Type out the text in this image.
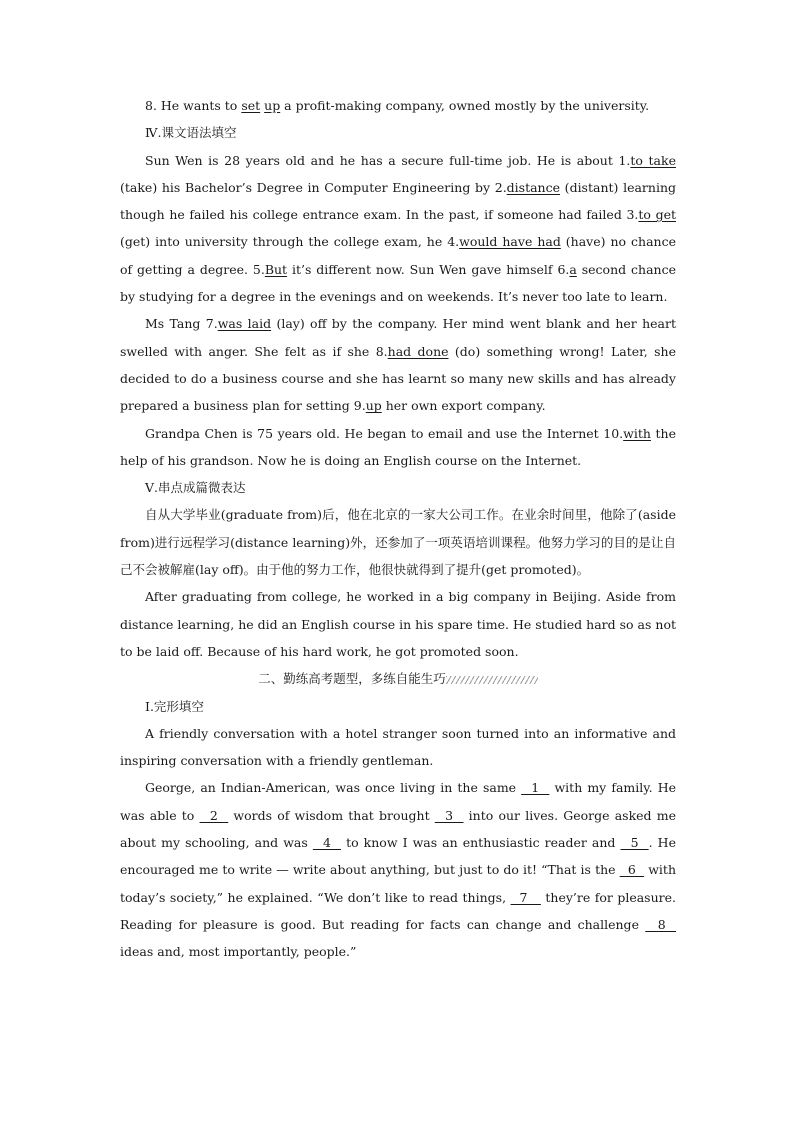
8. He wants to set up a profit-making company, owned mostly by the university.

Ⅳ.课文语法填空

Sun Wen is 28 years old and he has a secure full-time job. He is about 1.to take (take) his Bachelor’s Degree in Computer Engineering by 2.distance (distant) learning though he failed his college entrance exam. In the past, if someone had failed 3.to get (get) into university through the college exam, he 4.would have had (have) no chance of getting a degree. 5.But it’s different now. Sun Wen gave himself 6.a second chance by studying for a degree in the evenings and on weekends. It’s never too late to learn.

Ms Tang 7.was laid (lay) off by the company. Her mind went blank and her heart swelled with anger. She felt as if she 8.had done (do) something wrong! Later, she decided to do a business course and she has learnt so many new skills and has already prepared a business plan for setting 9.up her own export company.

Grandpa Chen is 75 years old. He began to email and use the Internet 10.with the help of his grandson. Now he is doing an English course on the Internet.

Ⅴ.串点成篇微表达

自从大学毕业(graduate from)后，他在北京的一家大公司工作。在业余时间里，他除了(aside from)进行远程学习(distance learning)外，还参加了一项英语培训课程。他努力学习的目的是让自己不会被解雇(lay off)。由于他的努力工作，他很快就得到了提升(get promoted)。

After graduating from college, he worked in a big company in Beijing. Aside from distance learning, he did an English course in his spare time. He studied hard so as not to be laid off. Because of his hard work, he got promoted soon.

二、勤练高考题型，多练自能生巧

Ⅰ.完形填空

A friendly conversation with a hotel stranger soon turned into an informative and inspiring conversation with a friendly gentleman.

George, an Indian-American, was once living in the same   1   with my family. He was able to   2   words of wisdom that brought   3   into our lives. George asked me about my schooling, and was   4   to know I was an enthusiastic reader and   5  . He encouraged me to write — write about anything, but just to do it! “That is the   6   with today’s society,” he explained. “We don’t like to read things,   7    they’re for pleasure. Reading for pleasure is good. But reading for facts can change and challenge   8   ideas and, most importantly, people.”
